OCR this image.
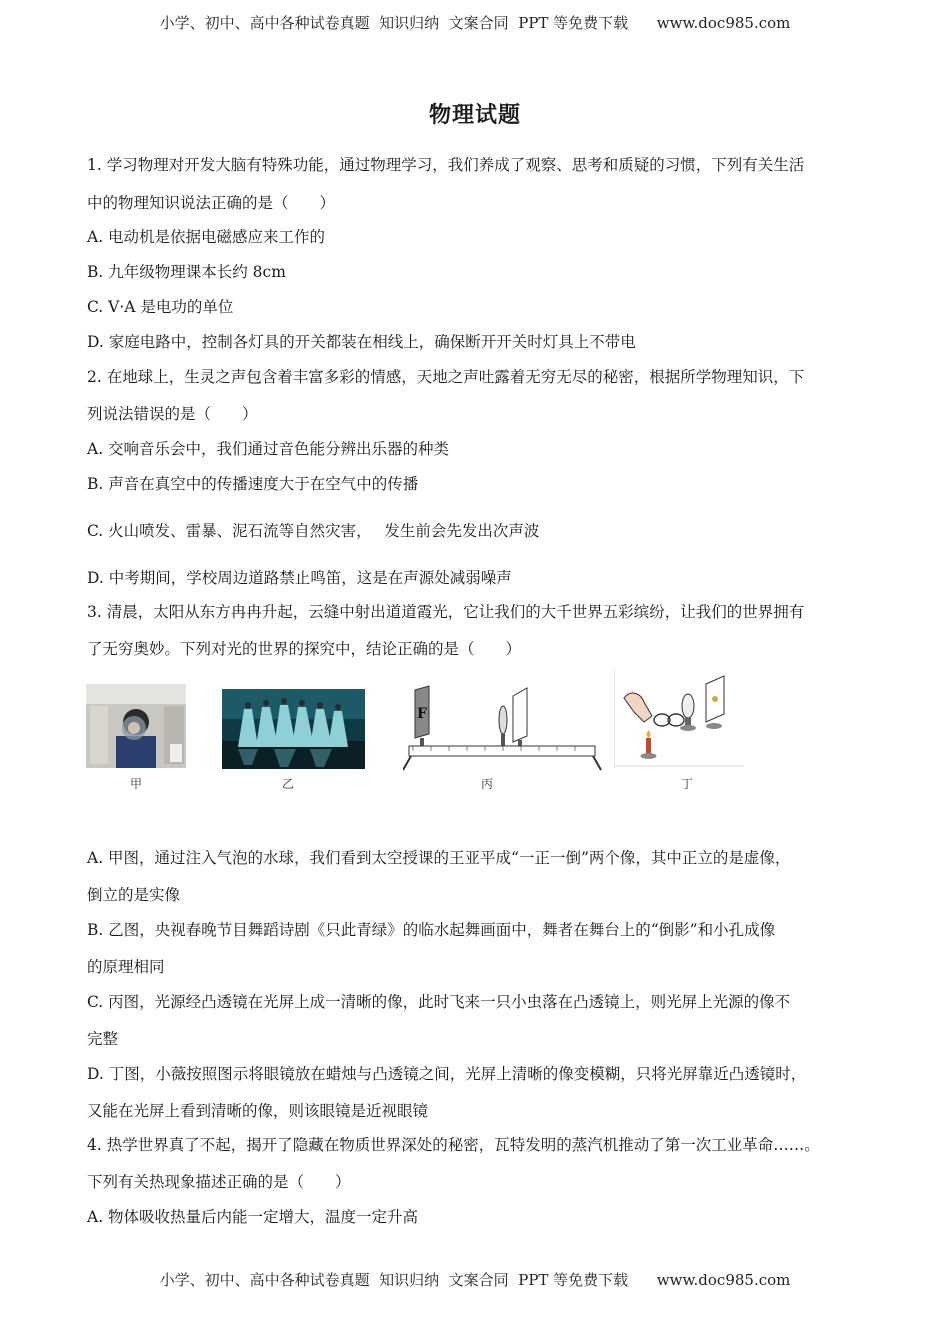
小学、初中、高中各种试卷真题  知识归纳  文案合同  PPT 等免费下载      www.doc985.com
物理试题
1. 学习物理对开发大脑有特殊功能，通过物理学习，我们养成了观察、思考和质疑的习惯，下列有关生活
中的物理知识说法正确的是（　　）
A. 电动机是依据电磁感应来工作的
B. 九年级物理课本长约 8cm
C. V·A 是电功的单位
D. 家庭电路中，控制各灯具的开关都装在相线上，确保断开开关时灯具上不带电
2. 在地球上，生灵之声包含着丰富多彩的情感，天地之声吐露着无穷无尽的秘密，根据所学物理知识，下
列说法错误的是（　　）
A. 交响音乐会中，我们通过音色能分辨出乐器的种类
B. 声音在真空中的传播速度大于在空气中的传播
C. 火山喷发、雷暴、泥石流等自然灾害，　 发生前会先发出次声波
D. 中考期间，学校周边道路禁止鸣笛，这是在声源处减弱噪声
3. 清晨，太阳从东方冉冉升起，云缝中射出道道霞光，它让我们的大千世界五彩缤纷，让我们的世界拥有
了无穷奥妙。下列对光的世界的探究中，结论正确的是（　　）
甲	乙
F
丙	丁
A. 甲图，通过注入气泡的水球，我们看到太空授课的王亚平成“一正一倒”两个像，其中正立的是虚像，
倒立的是实像
B. 乙图，央视春晚节目舞蹈诗剧《只此青绿》的临水起舞画面中，舞者在舞台上的“倒影”和小孔成像
的原理相同
C. 丙图，光源经凸透镜在光屏上成一清晰的像，此时飞来一只小虫落在凸透镜上，则光屏上光源的像不
完整
D. 丁图，小薇按照图示将眼镜放在蜡烛与凸透镜之间，光屏上清晰的像变模糊，只将光屏靠近凸透镜时，
又能在光屏上看到清晰的像，则该眼镜是近视眼镜
4. 热学世界真了不起，揭开了隐藏在物质世界深处的秘密，瓦特发明的蒸汽机推动了第一次工业革命……。
下列有关热现象描述正确的是（　　）
A. 物体吸收热量后内能一定增大，温度一定升高
小学、初中、高中各种试卷真题  知识归纳  文案合同  PPT 等免费下载      www.doc985.com
